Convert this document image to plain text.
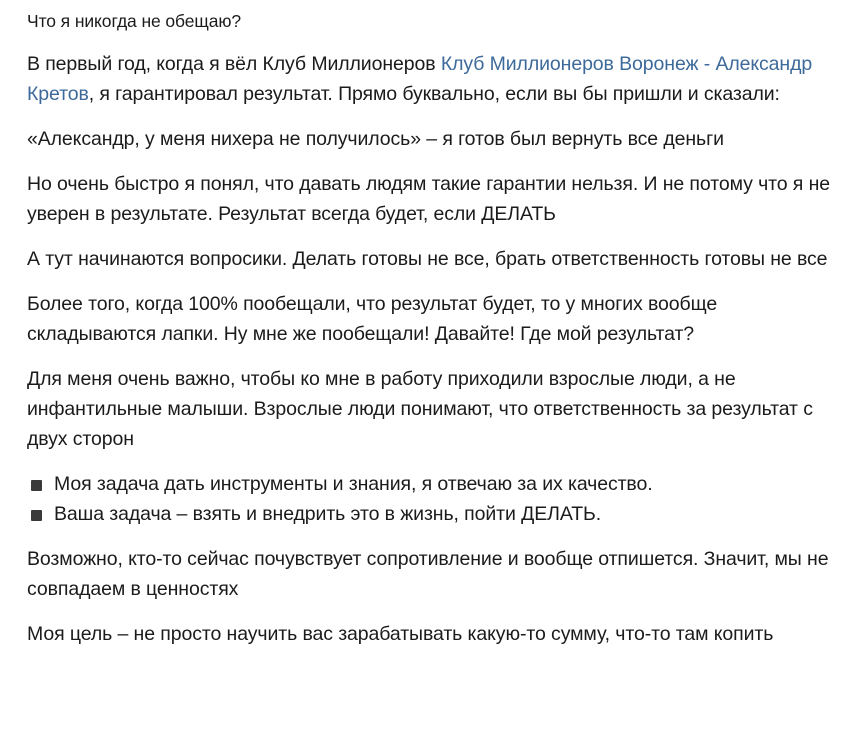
Что я никогда не обещаю?

В первый год, когда я вёл Клуб Миллионеров Клуб Миллионеров Воронеж - Александр Кретов, я гарантировал результат. Прямо буквально, если вы бы пришли и сказали:

«Александр, у меня нихера не получилось» – я готов был вернуть все деньги

Но очень быстро я понял, что давать людям такие гарантии нельзя. И не потому что я не уверен в результате. Результат всегда будет, если ДЕЛАТЬ

А тут начинаются вопросики. Делать готовы не все, брать ответственность готовы не все

Более того, когда 100% пообещали, что результат будет, то у многих вообще складываются лапки. Ну мне же пообещали! Давайте! Где мой результат?

Для меня очень важно, чтобы ко мне в работу приходили взрослые люди, а не инфантильные малыши. Взрослые люди понимают, что ответственность за результат с двух сторон

Моя задача дать инструменты и знания, я отвечаю за их качество.
Ваша задача – взять и внедрить это в жизнь, пойти ДЕЛАТЬ.

Возможно, кто-то сейчас почувствует сопротивление и вообще отпишется. Значит, мы не совпадаем в ценностях

Моя цель – не просто научить вас зарабатывать какую-то сумму, что-то там копить
